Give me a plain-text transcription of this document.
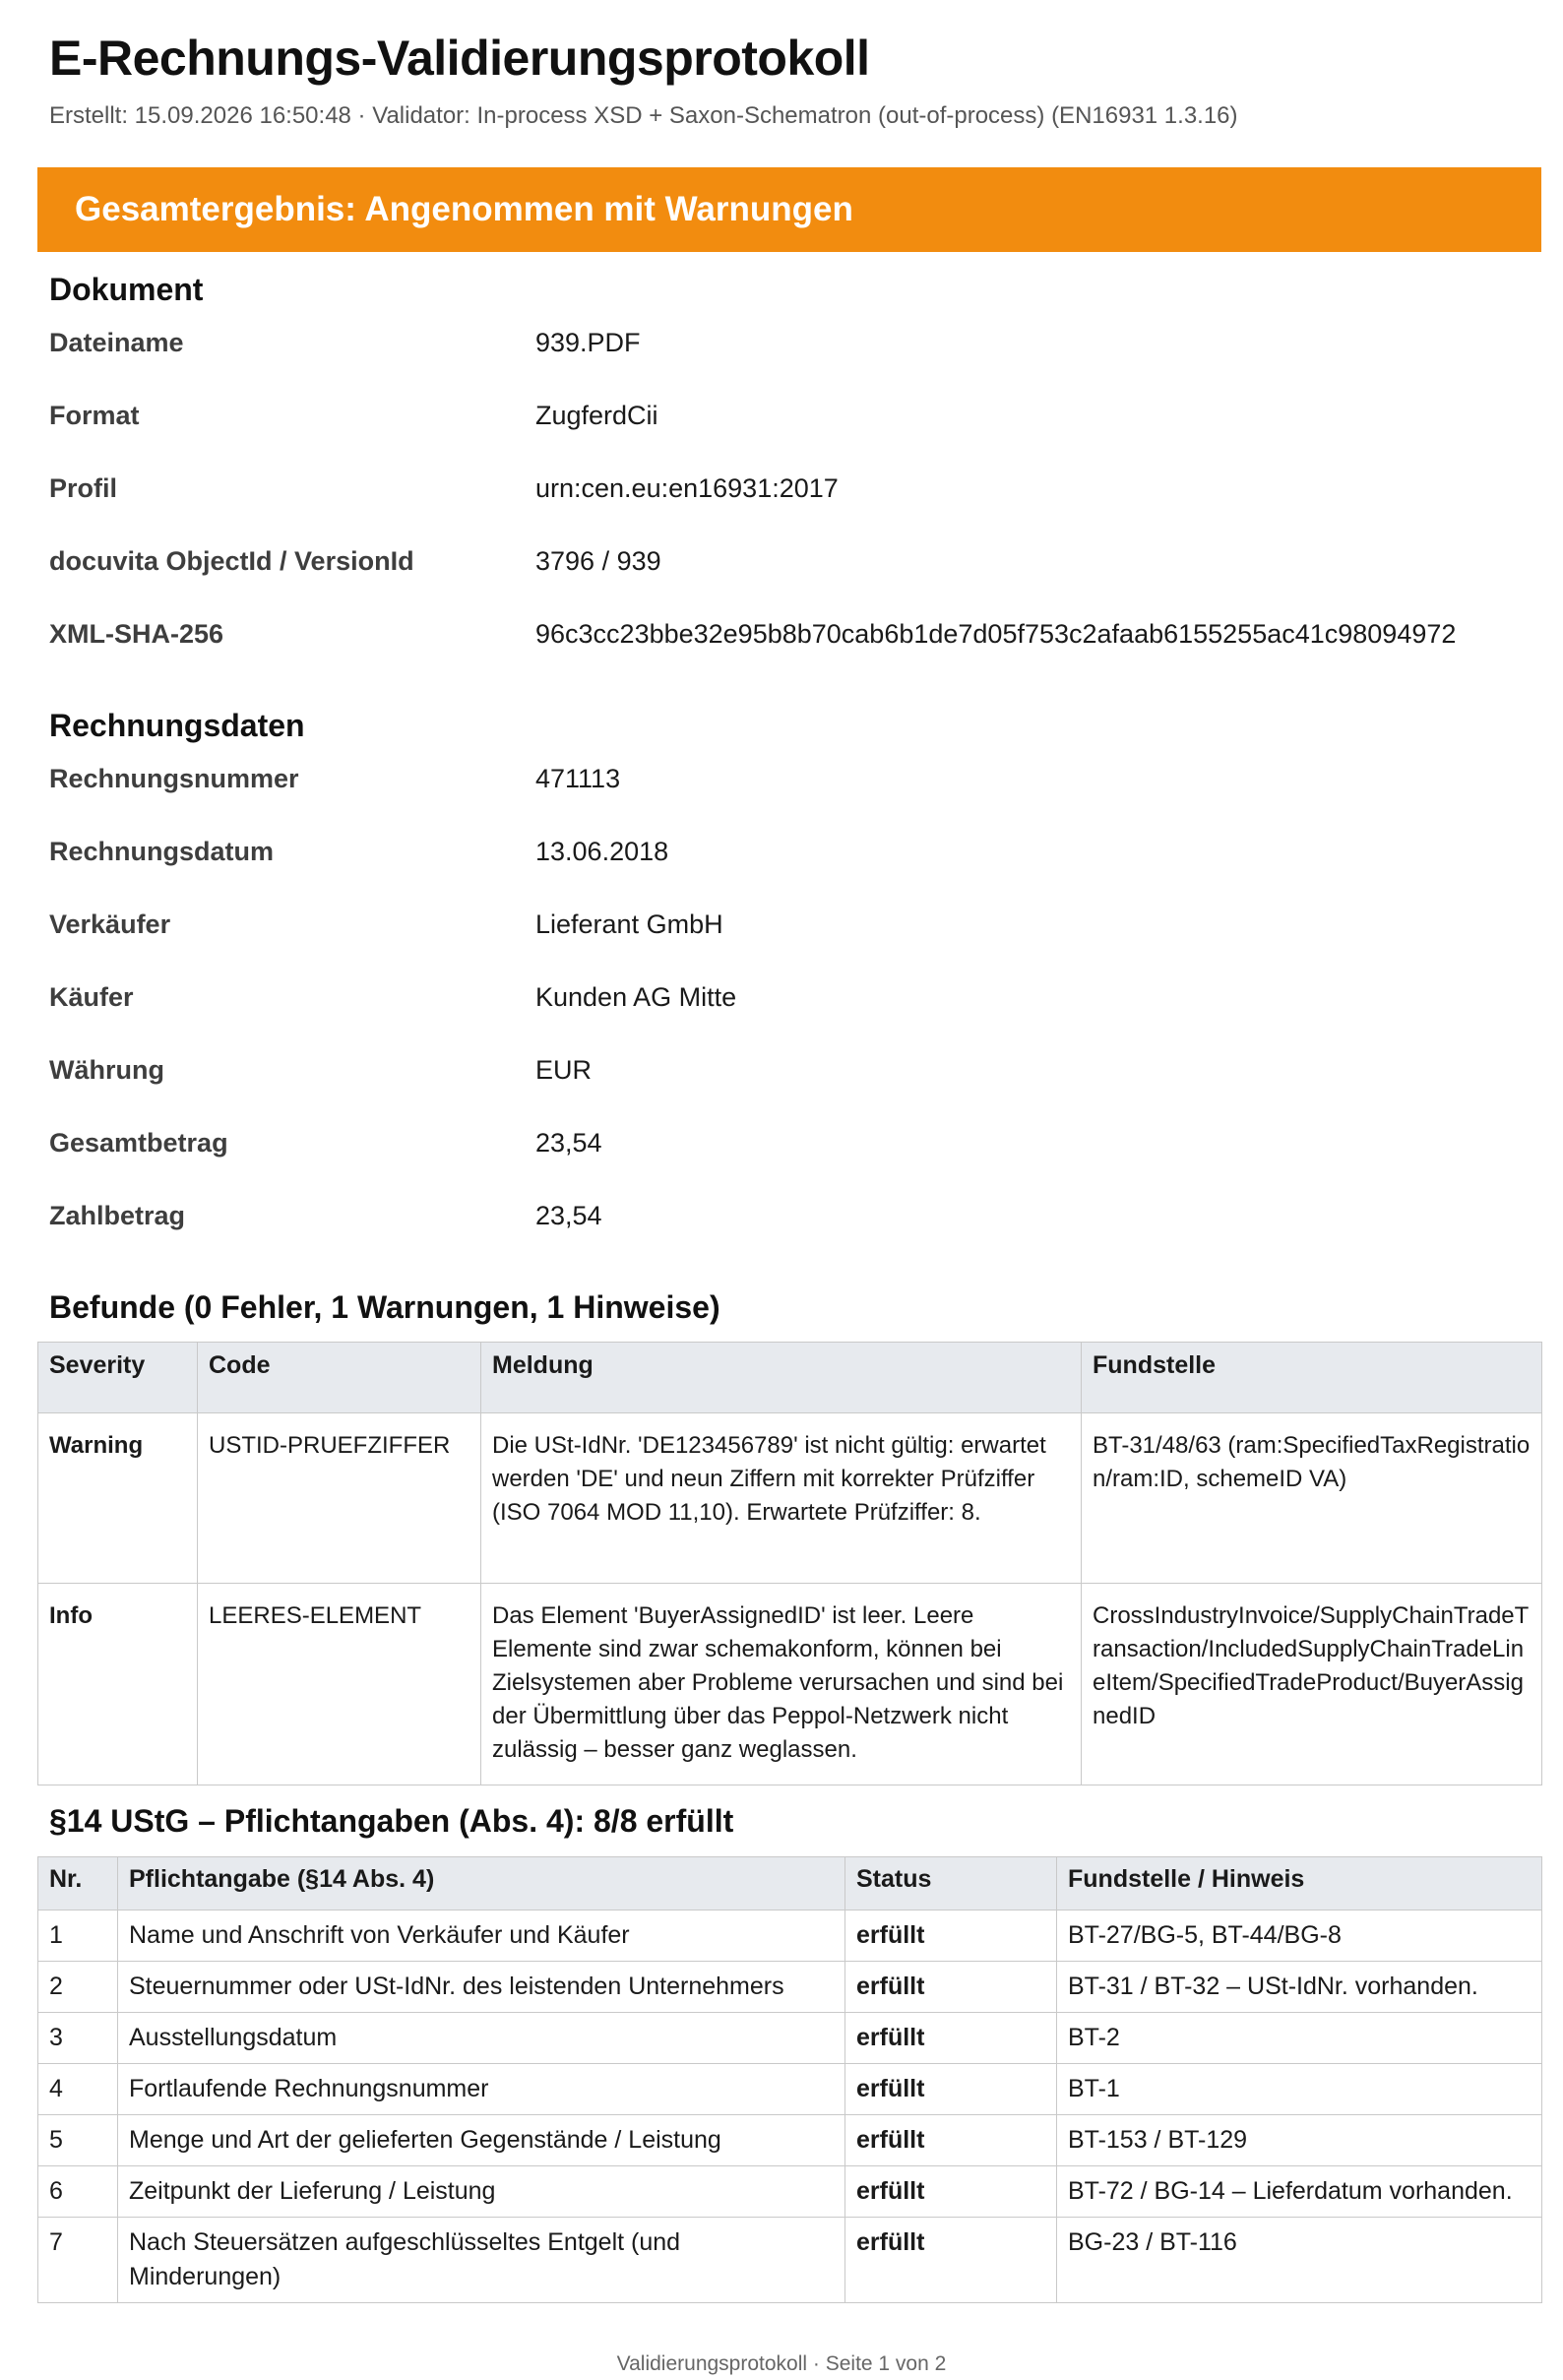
E-Rechnungs-Validierungsprotokoll
Erstellt: 15.09.2026 16:50:48 · Validator: In-process XSD + Saxon-Schematron (out-of-process) (EN16931 1.3.16)
Gesamtergebnis: Angenommen mit Warnungen
Dokument
Dateiname	939.PDF
Format	ZugferdCii
Profil	urn:cen.eu:en16931:2017
docuvita ObjectId / VersionId	3796 / 939
XML-SHA-256	96c3cc23bbe32e95b8b70cab6b1de7d05f753c2afaab6155255ac41c98094972
Rechnungsdaten
Rechnungsnummer	471113
Rechnungsdatum	13.06.2018
Verkäufer	Lieferant GmbH
Käufer	Kunden AG Mitte
Währung	EUR
Gesamtbetrag	23,54
Zahlbetrag	23,54
Befunde (0 Fehler, 1 Warnungen, 1 Hinweise)
Severity	Code	Meldung	Fundstelle
Warning	USTID-PRUEFZIFFER	Die USt-IdNr. 'DE123456789' ist nicht gültig: erwartet werden 'DE' und neun Ziffern mit korrekter Prüfziffer (ISO 7064 MOD 11,10). Erwartete Prüfziffer: 8.	BT-31/48/63 (ram:SpecifiedTaxRegistration/ram:ID, schemeID VA)
Info	LEERES-ELEMENT	Das Element 'BuyerAssignedID' ist leer. Leere Elemente sind zwar schemakonform, können bei Zielsystemen aber Probleme verursachen und sind bei der Übermittlung über das Peppol-Netzwerk nicht zulässig – besser ganz weglassen.	CrossIndustryInvoice/SupplyChainTradeTransaction/IncludedSupplyChainTradeLineItem/SpecifiedTradeProduct/BuyerAssignedID
§14 UStG – Pflichtangaben (Abs. 4): 8/8 erfüllt
Nr.	Pflichtangabe (§14 Abs. 4)	Status	Fundstelle / Hinweis
1	Name und Anschrift von Verkäufer und Käufer	erfüllt	BT-27/BG-5, BT-44/BG-8
2	Steuernummer oder USt-IdNr. des leistenden Unternehmers	erfüllt	BT-31 / BT-32 – USt-IdNr. vorhanden.
3	Ausstellungsdatum	erfüllt	BT-2
4	Fortlaufende Rechnungsnummer	erfüllt	BT-1
5	Menge und Art der gelieferten Gegenstände / Leistung	erfüllt	BT-153 / BT-129
6	Zeitpunkt der Lieferung / Leistung	erfüllt	BT-72 / BG-14 – Lieferdatum vorhanden.
7	Nach Steuersätzen aufgeschlüsseltes Entgelt (und Minderungen)	erfüllt	BG-23 / BT-116
Validierungsprotokoll · Seite 1 von 2
